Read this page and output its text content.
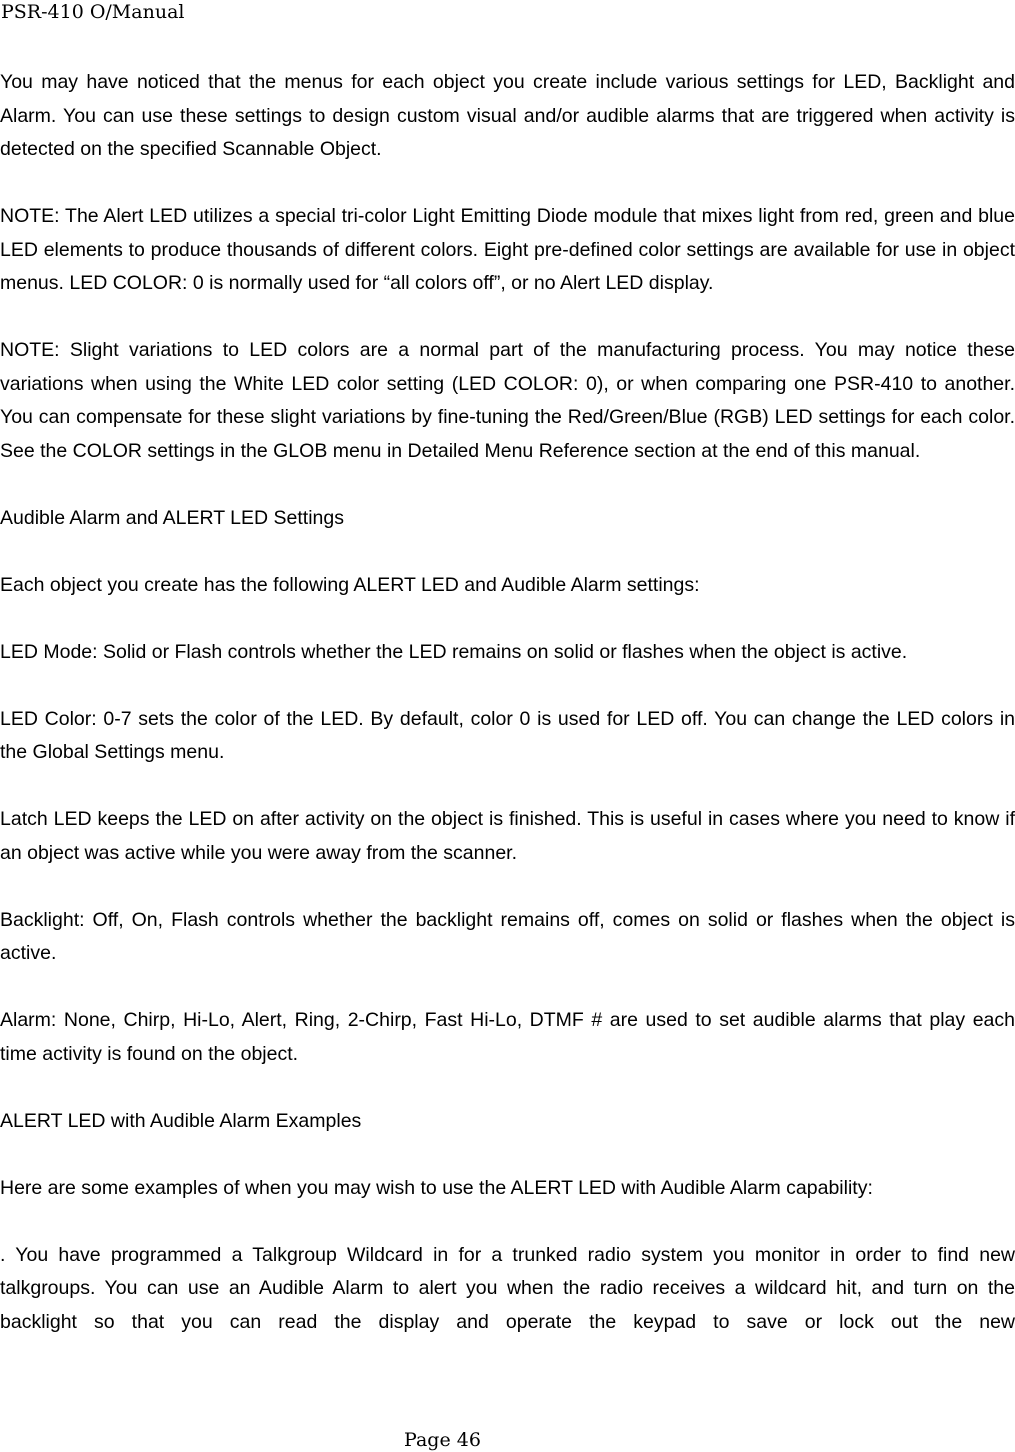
PSR-410 O/Manual

You may have noticed that the menus for each object you create include various settings for LED, Backlight and Alarm. You can use these settings to design custom visual and/or audible alarms that are triggered when activity is detected on the specified Scannable Object.

NOTE: The Alert LED utilizes a special tri-color Light Emitting Diode module that mixes light from red, green and blue LED elements to produce thousands of different colors. Eight pre-defined color settings are available for use in object menus. LED COLOR: 0 is normally used for “all colors off”, or no Alert LED display.

NOTE: Slight variations to LED colors are a normal part of the manufacturing process. You may notice these variations when using the White LED color setting (LED COLOR: 0), or when comparing one PSR-410 to another. You can compensate for these slight variations by fine-tuning the Red/Green/Blue (RGB) LED settings for each color. See the COLOR settings in the GLOB menu in Detailed Menu Reference section at the end of this manual.

Audible Alarm and ALERT LED Settings

Each object you create has the following ALERT LED and Audible Alarm settings:

LED Mode: Solid or Flash controls whether the LED remains on solid or flashes when the object is active.

LED Color: 0-7 sets the color of the LED. By default, color 0 is used for LED off. You can change the LED colors in the Global Settings menu.

Latch LED keeps the LED on after activity on the object is finished. This is useful in cases where you need to know if an object was active while you were away from the scanner.

Backlight: Off, On, Flash controls whether the backlight remains off, comes on solid or flashes when the object is active.

Alarm: None, Chirp, Hi-Lo, Alert, Ring, 2-Chirp, Fast Hi-Lo, DTMF # are used to set audible alarms that play each time activity is found on the object.

ALERT LED with Audible Alarm Examples

Here are some examples of when you may wish to use the ALERT LED with Audible Alarm capability:

. You have programmed a Talkgroup Wildcard in for a trunked radio system you monitor in order to find new talkgroups. You can use an Audible Alarm to alert you when the radio receives a wildcard hit, and turn on the backlight so that you can read the display and operate the keypad to save or lock out the new

Page 46
